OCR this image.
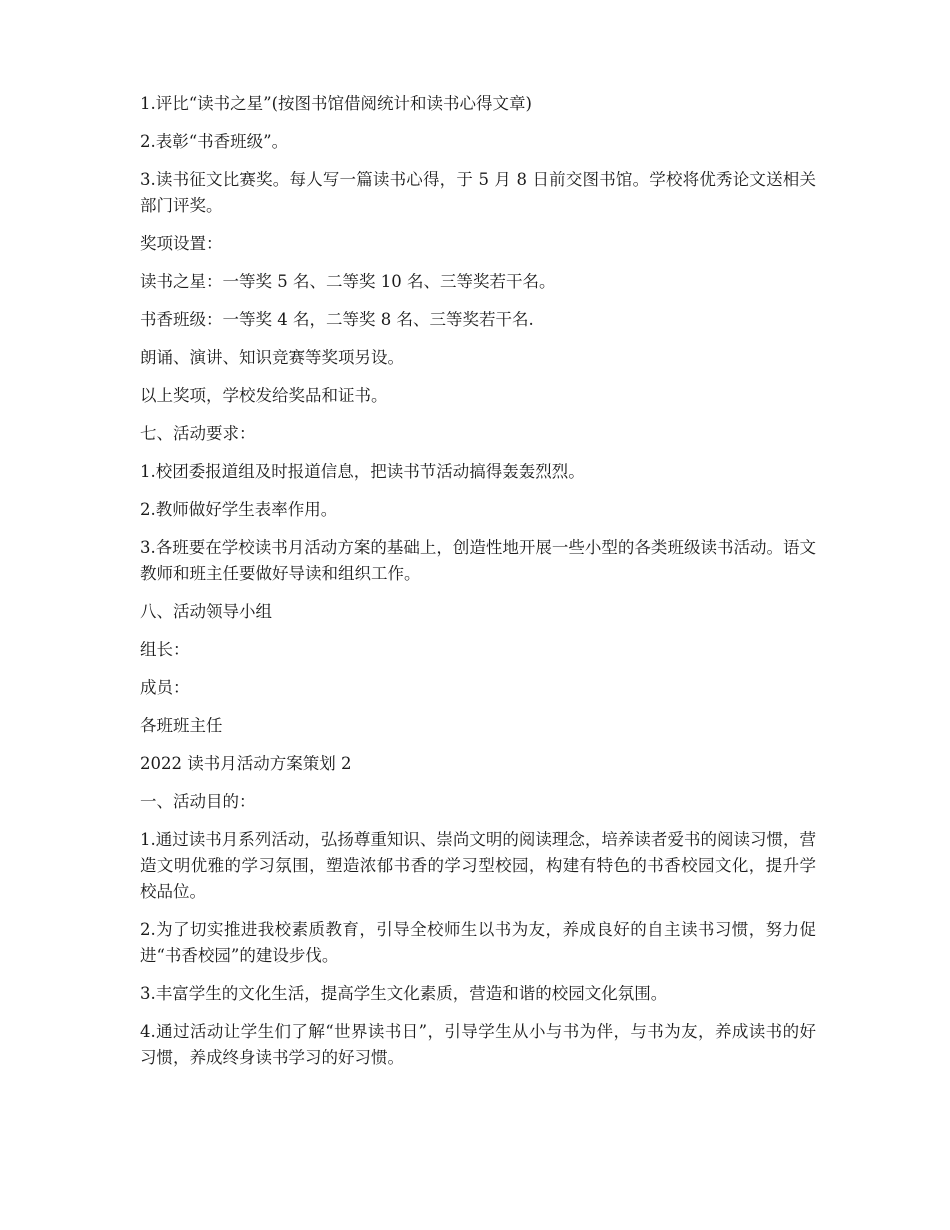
1.评比“读书之星”(按图书馆借阅统计和读书心得文章)

2.表彰“书香班级”。

3.读书征文比赛奖。每人写一篇读书心得，于 5 月 8 日前交图书馆。学校将优秀论文送相关部门评奖。

奖项设置：

读书之星：一等奖 5 名、二等奖 10 名、三等奖若干名。

书香班级：一等奖 4 名，二等奖 8 名、三等奖若干名.

朗诵、演讲、知识竞赛等奖项另设。

以上奖项，学校发给奖品和证书。

七、活动要求：

1.校团委报道组及时报道信息，把读书节活动搞得轰轰烈烈。

2.教师做好学生表率作用。

3.各班要在学校读书月活动方案的基础上，创造性地开展一些小型的各类班级读书活动。语文教师和班主任要做好导读和组织工作。

八、活动领导小组

组长：

成员：

各班班主任

2022 读书月活动方案策划 2

一、活动目的：

1.通过读书月系列活动，弘扬尊重知识、崇尚文明的阅读理念，培养读者爱书的阅读习惯，营造文明优雅的学习氛围，塑造浓郁书香的学习型校园，构建有特色的书香校园文化，提升学校品位。

2.为了切实推进我校素质教育，引导全校师生以书为友，养成良好的自主读书习惯，努力促进“书香校园”的建设步伐。

3.丰富学生的文化生活，提高学生文化素质，营造和谐的校园文化氛围。

4.通过活动让学生们了解“世界读书日”，引导学生从小与书为伴，与书为友，养成读书的好习惯，养成终身读书学习的好习惯。
